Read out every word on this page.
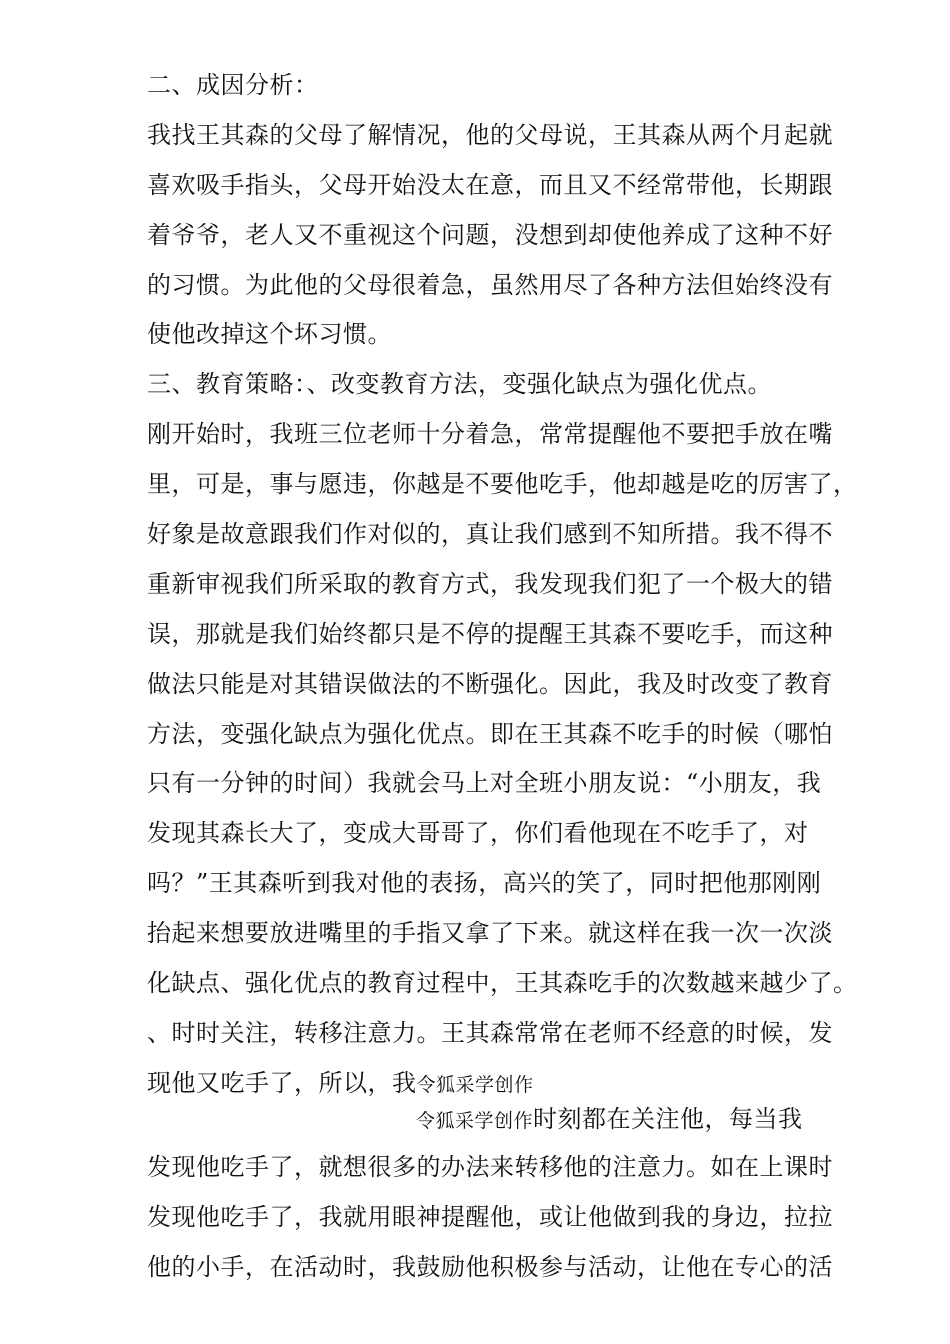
二、成因分析：
我找王其森的父母了解情况，他的父母说，王其森从两个月起就
喜欢吸手指头，父母开始没太在意，而且又不经常带他，长期跟
着爷爷，老人又不重视这个问题，没想到却使他养成了这种不好
的习惯。为此他的父母很着急，虽然用尽了各种方法但始终没有
使他改掉这个坏习惯。
三、教育策略：、改变教育方法，变强化缺点为强化优点。
刚开始时，我班三位老师十分着急，常常提醒他不要把手放在嘴
里，可是，事与愿违，你越是不要他吃手，他却越是吃的厉害了，
好象是故意跟我们作对似的，真让我们感到不知所措。我不得不
重新审视我们所采取的教育方式，我发现我们犯了一个极大的错
误，那就是我们始终都只是不停的提醒王其森不要吃手，而这种
做法只能是对其错误做法的不断强化。因此，我及时改变了教育
方法，变强化缺点为强化优点。即在王其森不吃手的时候（哪怕
只有一分钟的时间）我就会马上对全班小朋友说：“小朋友，我
发现其森长大了，变成大哥哥了，你们看他现在不吃手了，对
吗？”王其森听到我对他的表扬，高兴的笑了，同时把他那刚刚
抬起来想要放进嘴里的手指又拿了下来。就这样在我一次一次淡
化缺点、强化优点的教育过程中，王其森吃手的次数越来越少了。
、时时关注，转移注意力。王其森常常在老师不经意的时候，发
现他又吃手了，所以，我令狐采学创作
令狐采学创作时刻都在关注他，每当我
发现他吃手了，就想很多的办法来转移他的注意力。如在上课时
发现他吃手了，我就用眼神提醒他，或让他做到我的身边，拉拉
他的小手，在活动时，我鼓励他积极参与活动，让他在专心的活
